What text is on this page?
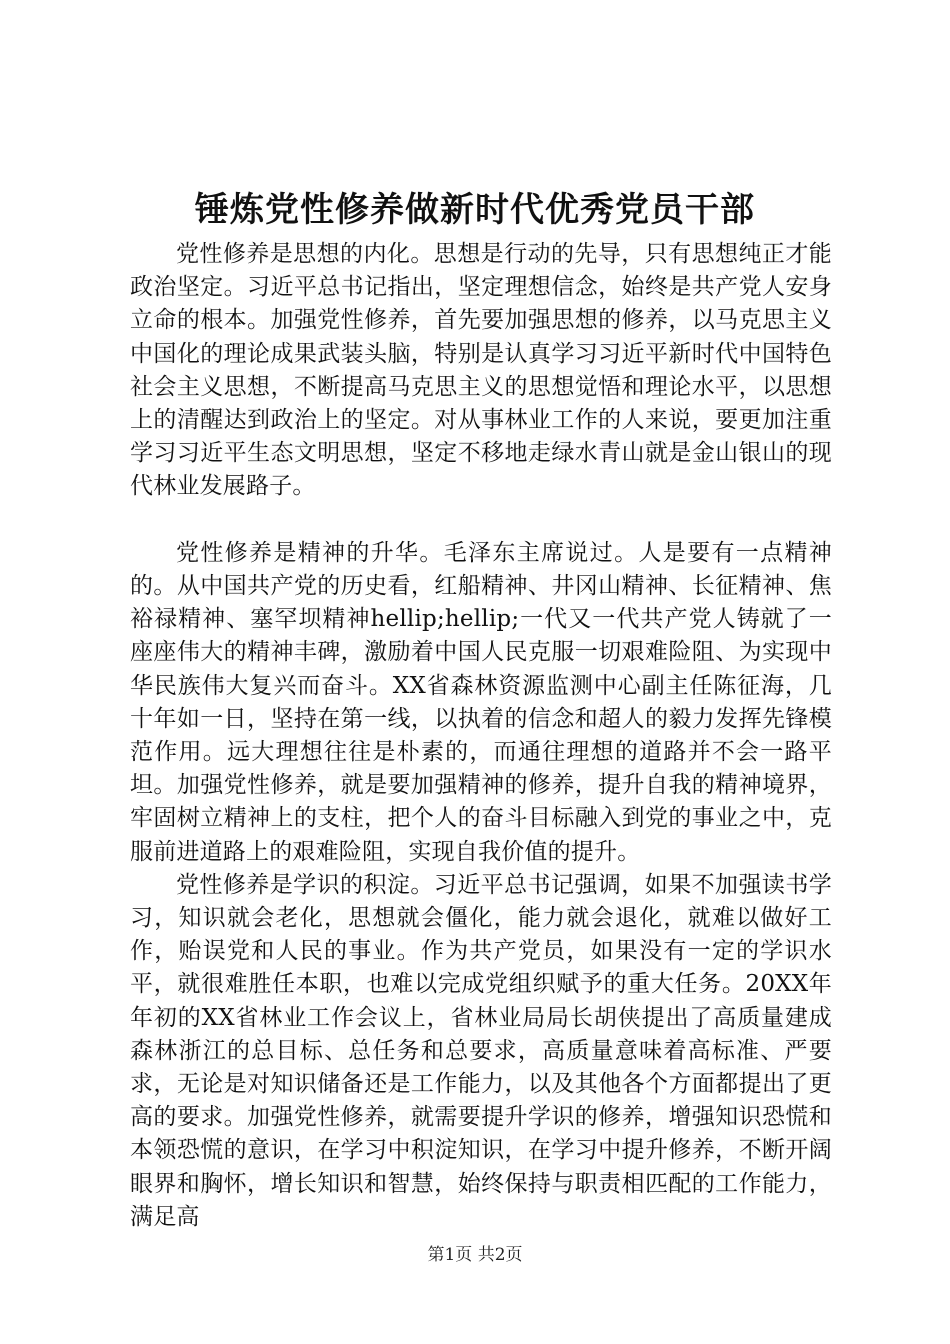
锤炼党性修养做新时代优秀党员干部

党性修养是思想的内化。思想是行动的先导，只有思想纯正才能政治坚定。习近平总书记指出，坚定理想信念，始终是共产党人安身立命的根本。加强党性修养，首先要加强思想的修养，以马克思主义中国化的理论成果武装头脑，特别是认真学习习近平新时代中国特色社会主义思想，不断提高马克思主义的思想觉悟和理论水平，以思想上的清醒达到政治上的坚定。对从事林业工作的人来说，要更加注重学习习近平生态文明思想，坚定不移地走绿水青山就是金山银山的现代林业发展路子。

党性修养是精神的升华。毛泽东主席说过。人是要有一点精神的。从中国共产党的历史看，红船精神、井冈山精神、长征精神、焦裕禄精神、塞罕坝精神hellip;hellip;一代又一代共产党人铸就了一座座伟大的精神丰碑，激励着中国人民克服一切艰难险阻、为实现中华民族伟大复兴而奋斗。XX省森林资源监测中心副主任陈征海，几十年如一日，坚持在第一线，以执着的信念和超人的毅力发挥先锋模范作用。远大理想往往是朴素的，而通往理想的道路并不会一路平坦。加强党性修养，就是要加强精神的修养，提升自我的精神境界，牢固树立精神上的支柱，把个人的奋斗目标融入到党的事业之中，克服前进道路上的艰难险阻，实现自我价值的提升。

党性修养是学识的积淀。习近平总书记强调，如果不加强读书学习，知识就会老化，思想就会僵化，能力就会退化，就难以做好工作，贻误党和人民的事业。作为共产党员，如果没有一定的学识水平，就很难胜任本职，也难以完成党组织赋予的重大任务。20XX年年初的XX省林业工作会议上，省林业局局长胡侠提出了高质量建成森林浙江的总目标、总任务和总要求，高质量意味着高标准、严要求，无论是对知识储备还是工作能力，以及其他各个方面都提出了更高的要求。加强党性修养，就需要提升学识的修养，增强知识恐慌和本领恐慌的意识，在学习中积淀知识，在学习中提升修养，不断开阔眼界和胸怀，增长知识和智慧，始终保持与职责相匹配的工作能力，满足高

第1页 共2页
